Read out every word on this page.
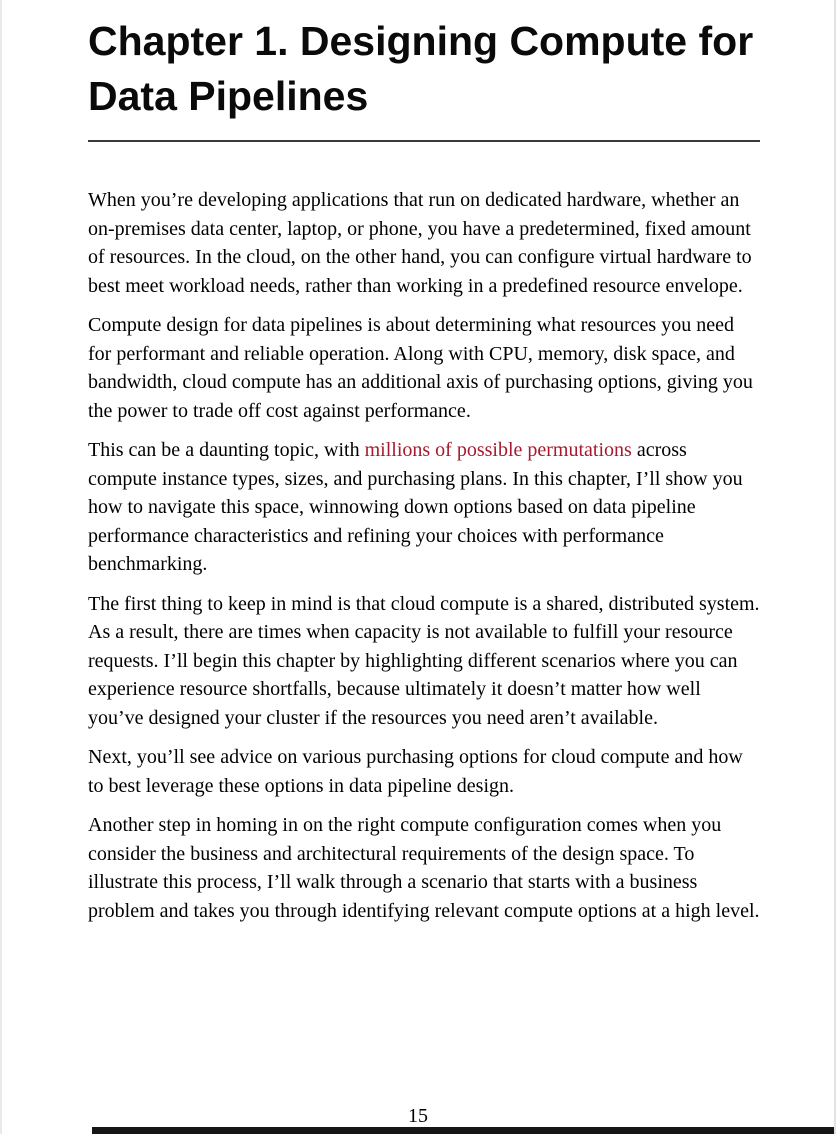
Chapter 1. Designing Compute for Data Pipelines

When you’re developing applications that run on dedicated hardware, whether an on-premises data center, laptop, or phone, you have a predetermined, fixed amount of resources. In the cloud, on the other hand, you can configure virtual hardware to best meet workload needs, rather than working in a predefined resource envelope.

Compute design for data pipelines is about determining what resources you need for performant and reliable operation. Along with CPU, memory, disk space, and bandwidth, cloud compute has an additional axis of purchasing options, giving you the power to trade off cost against performance.

This can be a daunting topic, with millions of possible permutations across compute instance types, sizes, and purchasing plans. In this chapter, I’ll show you how to navigate this space, winnowing down options based on data pipeline performance characteristics and refining your choices with performance benchmarking.

The first thing to keep in mind is that cloud compute is a shared, distributed system. As a result, there are times when capacity is not available to fulfill your resource requests. I’ll begin this chapter by highlighting different scenarios where you can experience resource shortfalls, because ultimately it doesn’t matter how well you’ve designed your cluster if the resources you need aren’t available.

Next, you’ll see advice on various purchasing options for cloud compute and how to best leverage these options in data pipeline design.

Another step in homing in on the right compute configuration comes when you consider the business and architectural requirements of the design space. To illustrate this process, I’ll walk through a scenario that starts with a business problem and takes you through identifying relevant compute options at a high level.

15
